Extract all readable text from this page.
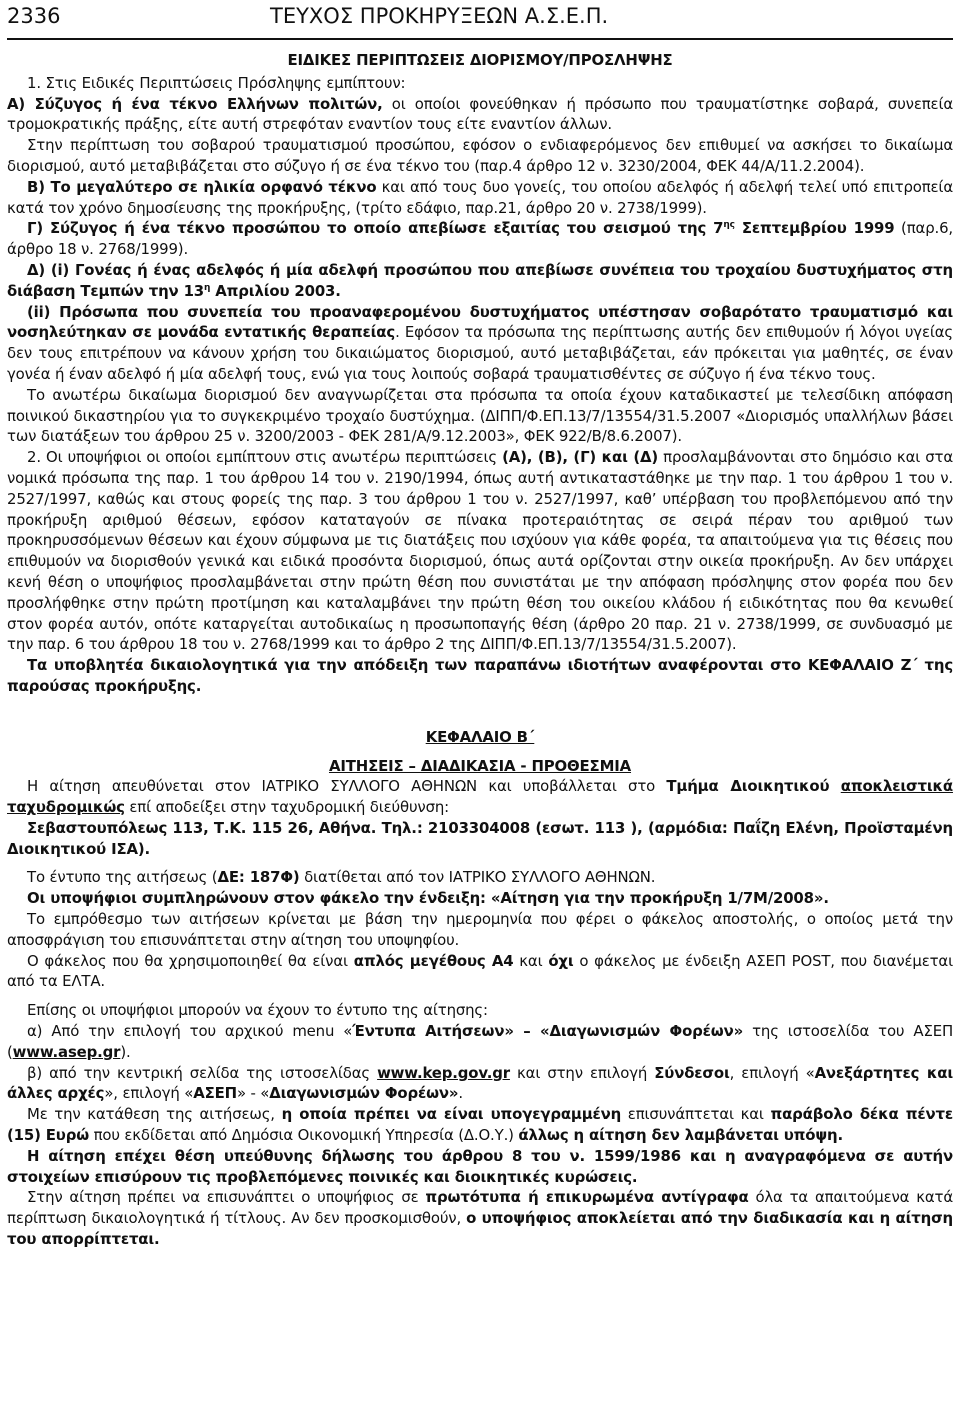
2336	ΤΕΥΧΟΣ ΠΡΟΚΗΡΥΞΕΩΝ Α.Σ.Ε.Π.

ΕΙΔΙΚΕΣ ΠΕΡΙΠΤΩΣΕΙΣ ΔΙΟΡΙΣΜΟΥ/ΠΡΟΣΛΗΨΗΣ

1. Στις Ειδικές Περιπτώσεις Πρόσληψης εμπίπτουν:

Α) Σύζυγος ή ένα τέκνο Ελλήνων πολιτών, οι οποίοι φονεύθηκαν ή πρόσωπο που τραυματίστηκε σοβαρά, συνεπεία τρομοκρατικής πράξης, είτε αυτή στρεφόταν εναντίον τους είτε εναντίον άλλων.

Στην περίπτωση του σοβαρού τραυματισμού προσώπου, εφόσον ο ενδιαφερόμενος δεν επιθυμεί να ασκήσει το δικαίωμα διορισμού, αυτό μεταβιβάζεται στο σύζυγο ή σε ένα τέκνο του (παρ.4 άρθρο 12 ν. 3230/2004, ΦΕΚ 44/Α/11.2.2004).

Β) Το μεγαλύτερο σε ηλικία ορφανό τέκνο και από τους δυο γονείς, του οποίου αδελφός ή αδελφή τελεί υπό επιτροπεία κατά τον χρόνο δημοσίευσης της προκήρυξης, (τρίτο εδάφιο, παρ.21, άρθρο 20 ν. 2738/1999).

Γ) Σύζυγος ή ένα τέκνο προσώπου το οποίο απεβίωσε εξαιτίας του σεισμού της $7^{\eta\varsigma}$ Σεπτεμβρίου 1999 (παρ.6, άρθρο 18 ν. 2768/1999).

Δ) (i) Γονέας ή ένας αδελφός ή μία αδελφή προσώπου που απεβίωσε συνέπεια του τροχαίου δυστυχήματος στη διάβαση Τεμπών την $13^\eta$ Απριλίου 2003.

(ii) Πρόσωπα που συνεπεία του προαναφερομένου δυστυχήματος υπέστησαν σοβαρότατο τραυματισμό και νοσηλεύτηκαν σε μονάδα εντατικής θεραπείας. Εφόσον τα πρόσωπα της περίπτωσης αυτής δεν επιθυμούν ή λόγοι υγείας δεν τους επιτρέπουν να κάνουν χρήση του δικαιώματος διορισμού, αυτό μεταβιβάζεται, εάν πρόκειται για μαθητές, σε έναν γονέα ή έναν αδελφό ή μία αδελφή τους, ενώ για τους λοιπούς σοβαρά τραυματισθέντες σε σύζυγο ή ένα τέκνο τους.

Το ανωτέρω δικαίωμα διορισμού δεν αναγνωρίζεται στα πρόσωπα τα οποία έχουν καταδικαστεί με τελεσίδικη απόφαση ποινικού δικαστηρίου για το συγκεκριμένο τροχαίο δυστύχημα. (ΔΙΠΠ/Φ.ΕΠ.13/7/13554/31.5.2007 «Διορισμός υπαλλήλων βάσει των διατάξεων του άρθρου 25 ν. 3200/2003 - ΦΕΚ 281/Α/9.12.2003», ΦΕΚ 922/Β/8.6.2007).

2. Οι υποψήφιοι οι οποίοι εμπίπτουν στις ανωτέρω περιπτώσεις (Α), (Β), (Γ) και (Δ) προσλαμβάνονται στο δημόσιο και στα νομικά πρόσωπα της παρ. 1 του άρθρου 14 του ν. 2190/1994, όπως αυτή αντικαταστάθηκε με την παρ. 1 του άρθρου 1 του ν. 2527/1997, καθώς και στους φορείς της παρ. 3 του άρθρου 1 του ν. 2527/1997, καθ’ υπέρβαση του προβλεπόμενου από την προκήρυξη αριθμού θέσεων, εφόσον καταταγούν σε πίνακα προτεραιότητας σε σειρά πέραν του αριθμού των προκηρυσσόμενων θέσεων και έχουν σύμφωνα με τις διατάξεις που ισχύουν για κάθε φορέα, τα απαιτούμενα για τις θέσεις που επιθυμούν να διορισθούν γενικά και ειδικά προσόντα διορισμού, όπως αυτά ορίζονται στην οικεία προκήρυξη. Αν δεν υπάρχει κενή θέση ο υποψήφιος προσλαμβάνεται στην πρώτη θέση που συνιστάται με την απόφαση πρόσληψης στον φορέα που δεν προσλήφθηκε στην πρώτη προτίμηση και καταλαμβάνει την πρώτη θέση του οικείου κλάδου ή ειδικότητας που θα κενωθεί στον φορέα αυτόν, οπότε καταργείται αυτοδικαίως η προσωποπαγής θέση (άρθρο 20 παρ. 21 ν. 2738/1999, σε συνδυασμό με την παρ. 6 του άρθρου 18 του ν. 2768/1999 και το άρθρο 2 της ΔΙΠΠ/Φ.ΕΠ.13/7/13554/31.5.2007).

Τα υποβλητέα δικαιολογητικά για την απόδειξη των παραπάνω ιδιοτήτων αναφέρονται στο ΚΕΦΑΛΑΙΟ Ζ΄ της παρούσας προκήρυξης.

ΚΕΦΑΛΑΙΟ Β΄

ΑΙΤΗΣΕΙΣ – ΔΙΑΔΙΚΑΣΙΑ - ΠΡΟΘΕΣΜΙΑ

Η αίτηση απευθύνεται στον ΙΑΤΡΙΚΟ ΣΥΛΛΟΓΟ ΑΘΗΝΩΝ και υποβάλλεται στο Τμήμα Διοικητικού αποκλειστικά ταχυδρομικώς επί αποδείξει στην ταχυδρομική διεύθυνση:

Σεβαστουπόλεως 113, Τ.Κ. 115 26, Αθήνα. Τηλ.: 2103304008 (εσωτ. 113 ), (αρμόδια: Παΐζη Ελένη, Προϊσταμένη Διοικητικού ΙΣΑ).

Το έντυπο της αιτήσεως (ΔΕ: 187Φ) διατίθεται από τον ΙΑΤΡΙΚΟ ΣΥΛΛΟΓΟ ΑΘΗΝΩΝ.

Οι υποψήφιοι συμπληρώνουν στον φάκελο την ένδειξη: «Αίτηση για την προκήρυξη 1/7Μ/2008».

Το εμπρόθεσμο των αιτήσεων κρίνεται με βάση την ημερομηνία που φέρει ο φάκελος αποστολής, ο οποίος μετά την αποσφράγιση του επισυνάπτεται στην αίτηση του υποψηφίου.

Ο φάκελος που θα χρησιμοποιηθεί θα είναι απλός μεγέθους Α4 και όχι ο φάκελος με ένδειξη ΑΣΕΠ POST, που διανέμεται από τα ΕΛΤΑ.

Επίσης οι υποψήφιοι μπορούν να έχουν το έντυπο της αίτησης:

α) Από την επιλογή του αρχικού menu «Έντυπα Αιτήσεων» – «Διαγωνισμών Φορέων» της ιστοσελίδα του ΑΣΕΠ (www.asep.gr).

β) από την κεντρική σελίδα της ιστοσελίδας www.kep.gov.gr και στην επιλογή Σύνδεσοι, επιλογή «Ανεξάρτητες και άλλες αρχές», επιλογή «ΑΣΕΠ» - «Διαγωνισμών Φορέων».

Με την κατάθεση της αιτήσεως, η οποία πρέπει να είναι υπογεγραμμένη επισυνάπτεται και παράβολο δέκα πέντε (15) Ευρώ που εκδίδεται από Δημόσια Οικονομική Υπηρεσία (Δ.Ο.Υ.) άλλως η αίτηση δεν λαμβάνεται υπόψη.

Η αίτηση επέχει θέση υπεύθυνης δήλωσης του άρθρου 8 του ν. 1599/1986 και η αναγραφόμενα σε αυτήν στοιχείων επισύρουν τις προβλεπόμενες ποινικές και διοικητικές κυρώσεις.

Στην αίτηση πρέπει να επισυνάπτει ο υποψήφιος σε πρωτότυπα ή επικυρωμένα αντίγραφα όλα τα απαιτούμενα κατά περίπτωση δικαιολογητικά ή τίτλους. Αν δεν προσκομισθούν, ο υποψήφιος αποκλείεται από την διαδικασία και η αίτηση του απορρίπτεται.
